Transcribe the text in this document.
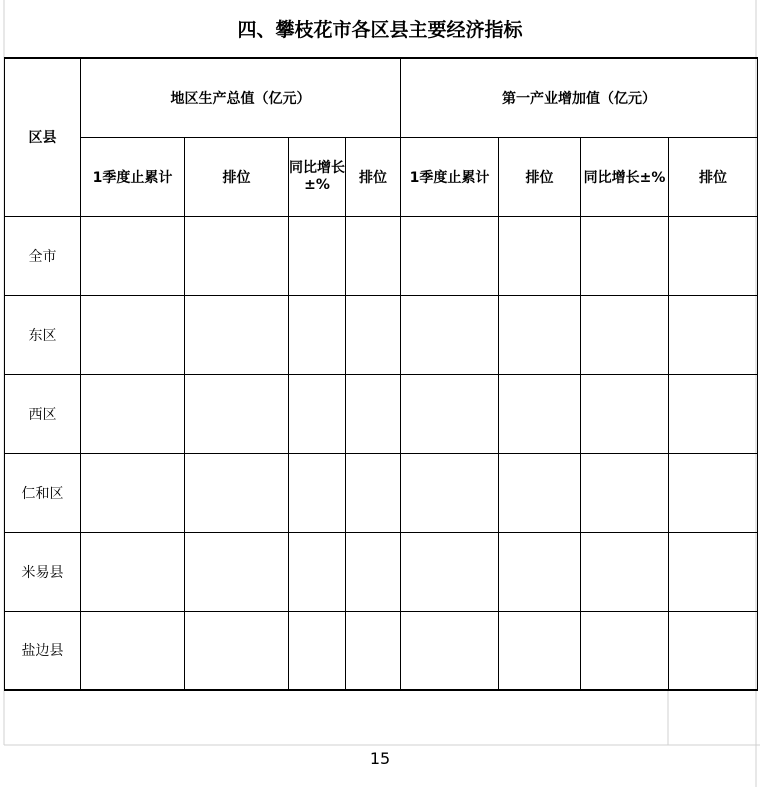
四、攀枝花市各区县主要经济指标
区县	地区生产总值（亿元）				第一产业增加值（亿元）			
	1季度止累计	排位	同比增长±%	排位	1季度止累计	排位	同比增长±%	排位
全市								
东区								
西区								
仁和区								
米易县								
盐边县								
15
